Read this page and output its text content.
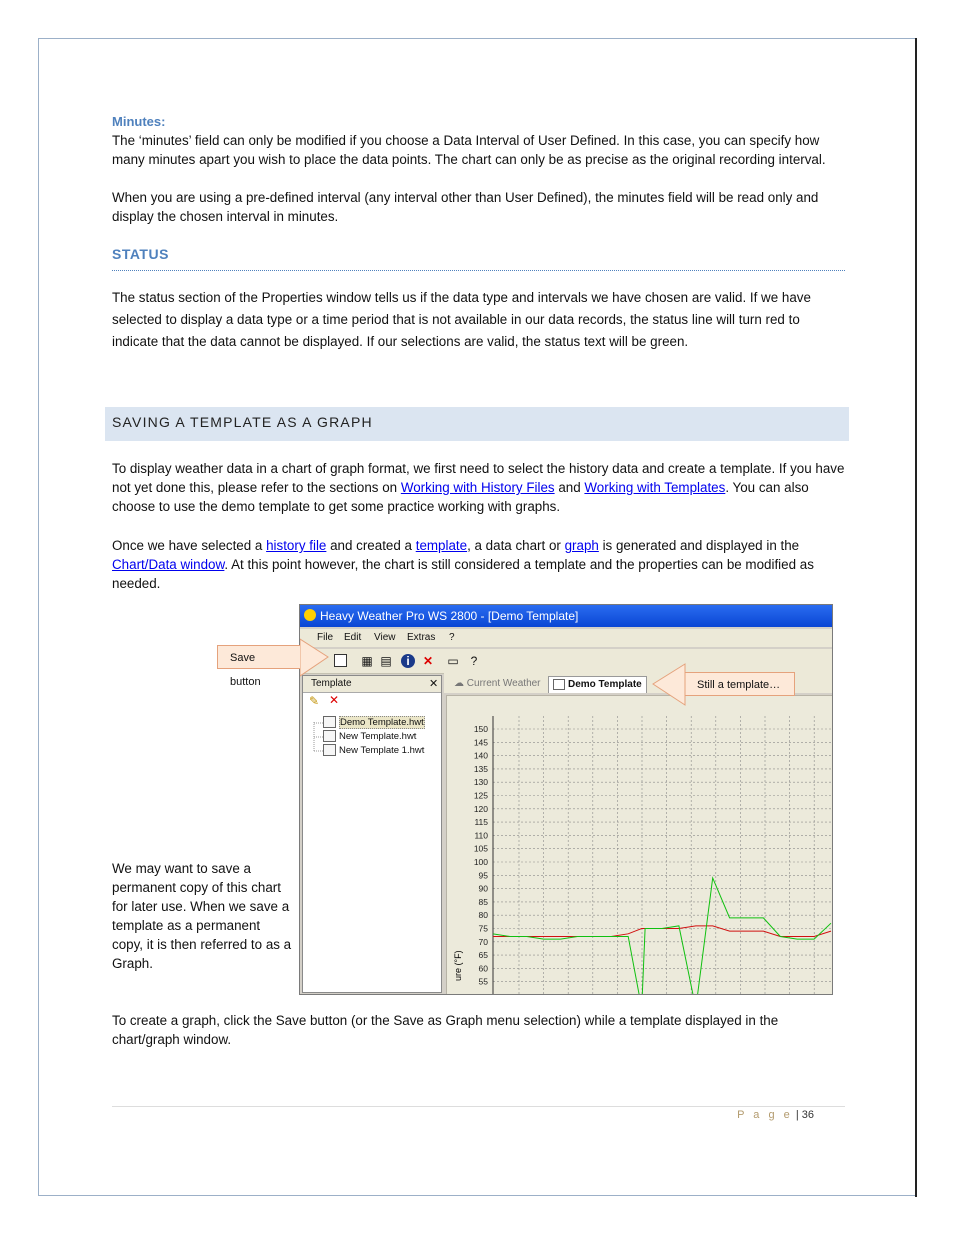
Minutes:
The ‘minutes’ field can only be modified if you choose a Data Interval of User Defined. In this case, you can specify how many minutes apart you wish to place the data points. The chart can only be as precise as the original recording interval.
When you are using a pre-defined interval (any interval other than User Defined), the minutes field will be read only and display the chosen interval in minutes.
STATUS
The status section of the Properties window tells us if the data type and intervals we have chosen are valid. If we have selected to display a data type or a time period that is not available in our data records, the status line will turn red to indicate that the data cannot be displayed. If our selections are valid, the status text will be green.
SAVING A TEMPLATE AS A GRAPH
To display weather data in a chart of graph format, we first need to select the history data and create a template. If you have not yet done this, please refer to the sections on Working with History Files and Working with Templates. You can also choose to use the demo template to get some practice working with graphs.
Once we have selected a history file and created a template, a data chart or graph is generated and displayed in the Chart/Data window. At this point however, the chart is still considered a template and the properties can be modified as needed.
We may want to save a permanent copy of this chart for later use. When we save a template as a permanent copy, it is then referred to as a Graph.
Heavy Weather Pro WS 2800 - [Demo Template]
File Edit View Extras ?
▦ ▤	i	✕ ▭ ?
Template	✕
✎ ✕
Demo Template.hwt
New Template.hwt
New Template 1.hwt
☁ Current Weather	Demo Template
150
145
140
135
130
125
120
115
110
105
100
95
90
85
80
75
70
65
60
55
ure (°F)
Save button	Still a template…
To create a graph, click the Save button (or the Save as Graph menu selection) while a template displayed in the chart/graph window.
P a g e | 36
